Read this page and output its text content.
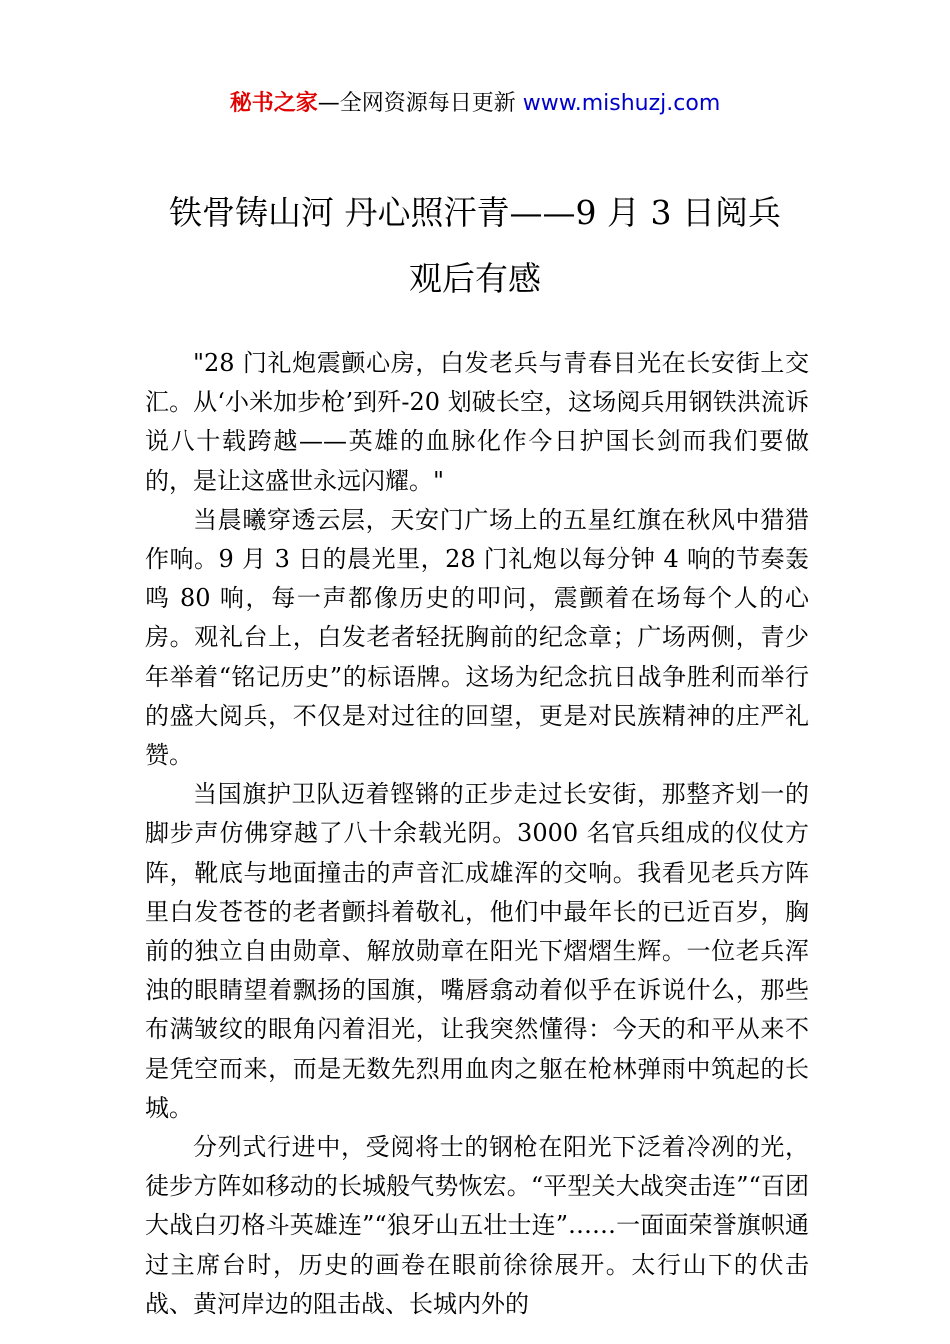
秘书之家—全网资源每日更新 www.mishuzj.com
铁骨铸山河 丹心照汗青——9 月 3 日阅兵
观后有感

"28 门礼炮震颤心房，白发老兵与青春目光在长安街上交汇。从‘小米加步枪’到歼-20 划破长空，这场阅兵用钢铁洪流诉说八十载跨越——英雄的血脉化作今日护国长剑而我们要做的，是让这盛世永远闪耀。"

当晨曦穿透云层，天安门广场上的五星红旗在秋风中猎猎作响。9 月 3 日的晨光里，28 门礼炮以每分钟 4 响的节奏轰鸣 80 响，每一声都像历史的叩问，震颤着在场每个人的心房。观礼台上，白发老者轻抚胸前的纪念章；广场两侧，青少年举着“铭记历史”的标语牌。这场为纪念抗日战争胜利而举行的盛大阅兵，不仅是对过往的回望，更是对民族精神的庄严礼赞。

当国旗护卫队迈着铿锵的正步走过长安街，那整齐划一的脚步声仿佛穿越了八十余载光阴。3000 名官兵组成的仪仗方阵，靴底与地面撞击的声音汇成雄浑的交响。我看见老兵方阵里白发苍苍的老者颤抖着敬礼，他们中最年长的已近百岁，胸前的独立自由勋章、解放勋章在阳光下熠熠生辉。一位老兵浑浊的眼睛望着飘扬的国旗，嘴唇翕动着似乎在诉说什么，那些布满皱纹的眼角闪着泪光，让我突然懂得：今天的和平从来不是凭空而来，而是无数先烈用血肉之躯在枪林弹雨中筑起的长城。

分列式行进中，受阅将士的钢枪在阳光下泛着冷冽的光，徒步方阵如移动的长城般气势恢宏。“平型关大战突击连”“百团大战白刃格斗英雄连”“狼牙山五壮士连”……一面面荣誉旗帜通过主席台时，历史的画卷在眼前徐徐展开。太行山下的伏击战、黄河岸边的阻击战、长城内外的
